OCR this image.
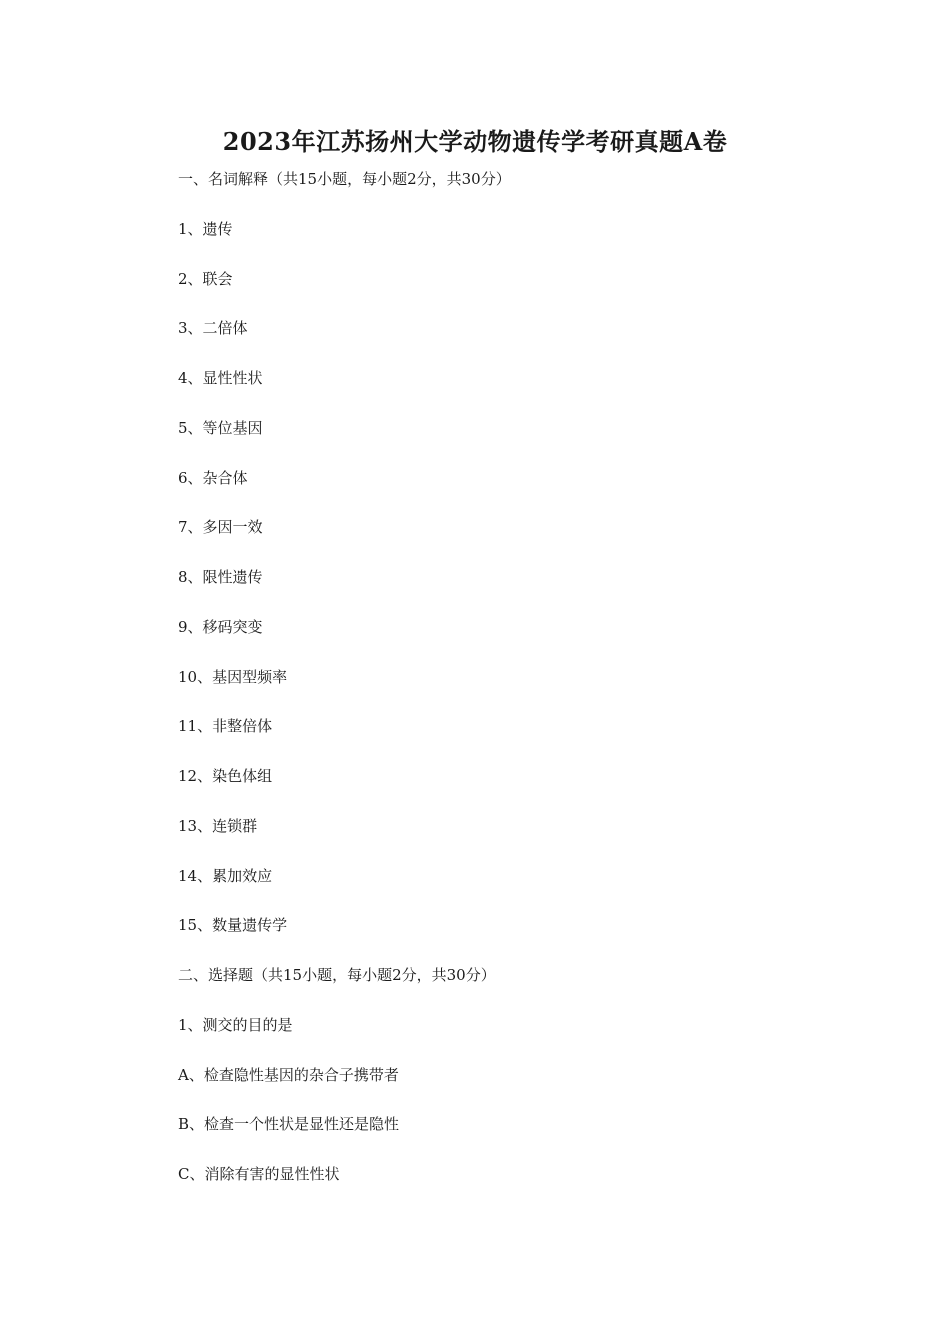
2023年江苏扬州大学动物遗传学考研真题A卷
一、名词解释（共15小题，每小题2分，共30分）
1、遗传
2、联会
3、二倍体
4、显性性状
5、等位基因
6、杂合体
7、多因一效
8、限性遗传
9、移码突变
10、基因型频率
11、非整倍体
12、染色体组
13、连锁群
14、累加效应
15、数量遗传学
二、选择题（共15小题，每小题2分，共30分）
1、测交的目的是
A、检查隐性基因的杂合子携带者
B、检查一个性状是显性还是隐性
C、消除有害的显性性状
